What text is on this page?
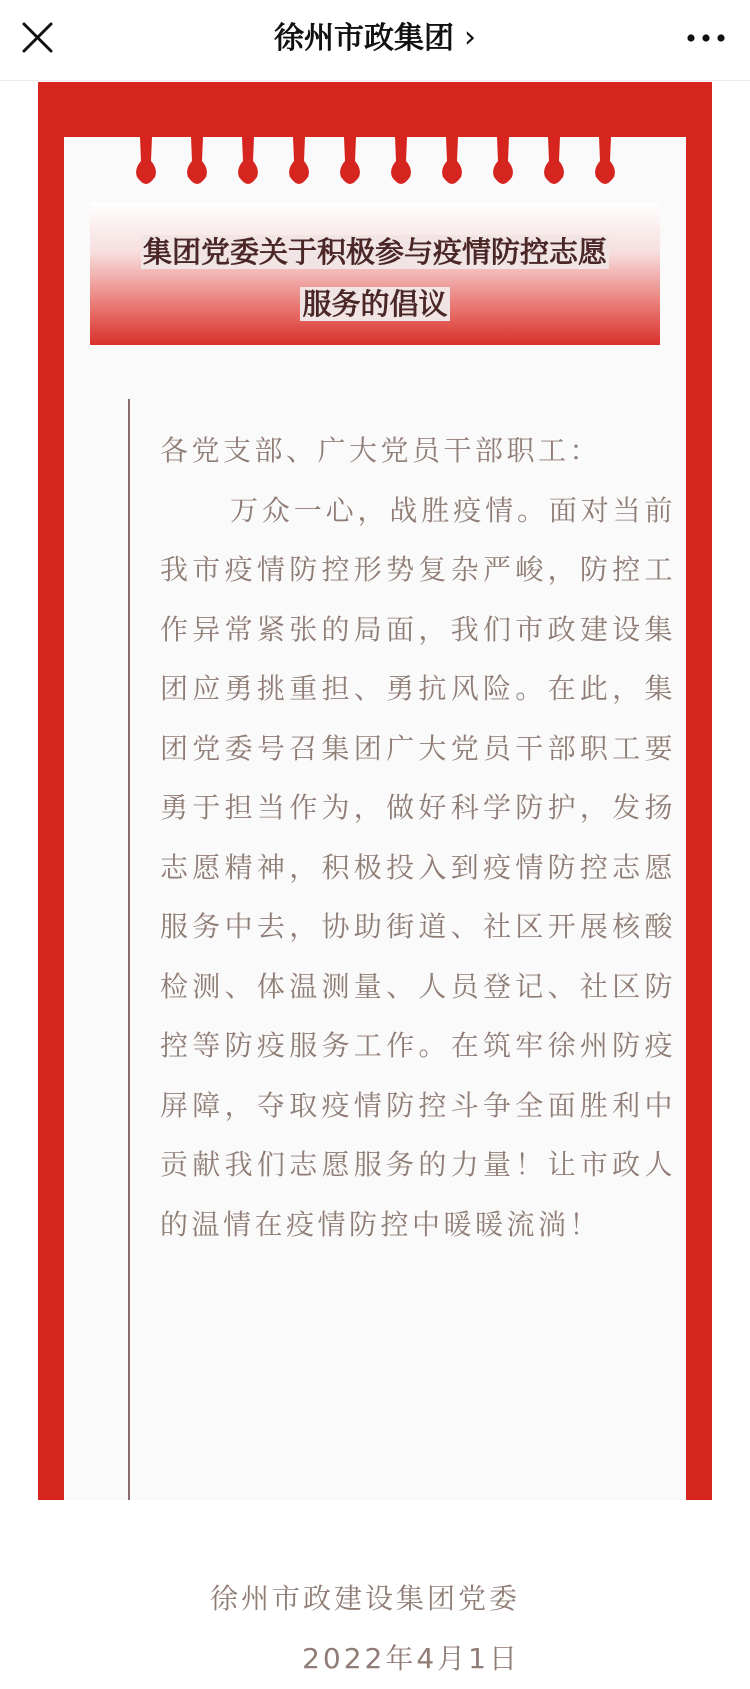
徐州市政集团 ›
集团党委关于积极参与疫情防控志愿
服务的倡议

各党支部、广大党员干部职工：

万众一心，战胜疫情。面对当前我市疫情防控形势复杂严峻，防控工作异常紧张的局面，我们市政建设集团应勇挑重担、勇抗风险。在此，集团党委号召集团广大党员干部职工要勇于担当作为，做好科学防护，发扬志愿精神，积极投入到疫情防控志愿服务中去，协助街道、社区开展核酸检测、体温测量、人员登记、社区防控等防疫服务工作。在筑牢徐州防疫屏障，夺取疫情防控斗争全面胜利中贡献我们志愿服务的力量！让市政人的温情在疫情防控中暖暖流淌！

徐州市政建设集团党委
2022年4月1日
